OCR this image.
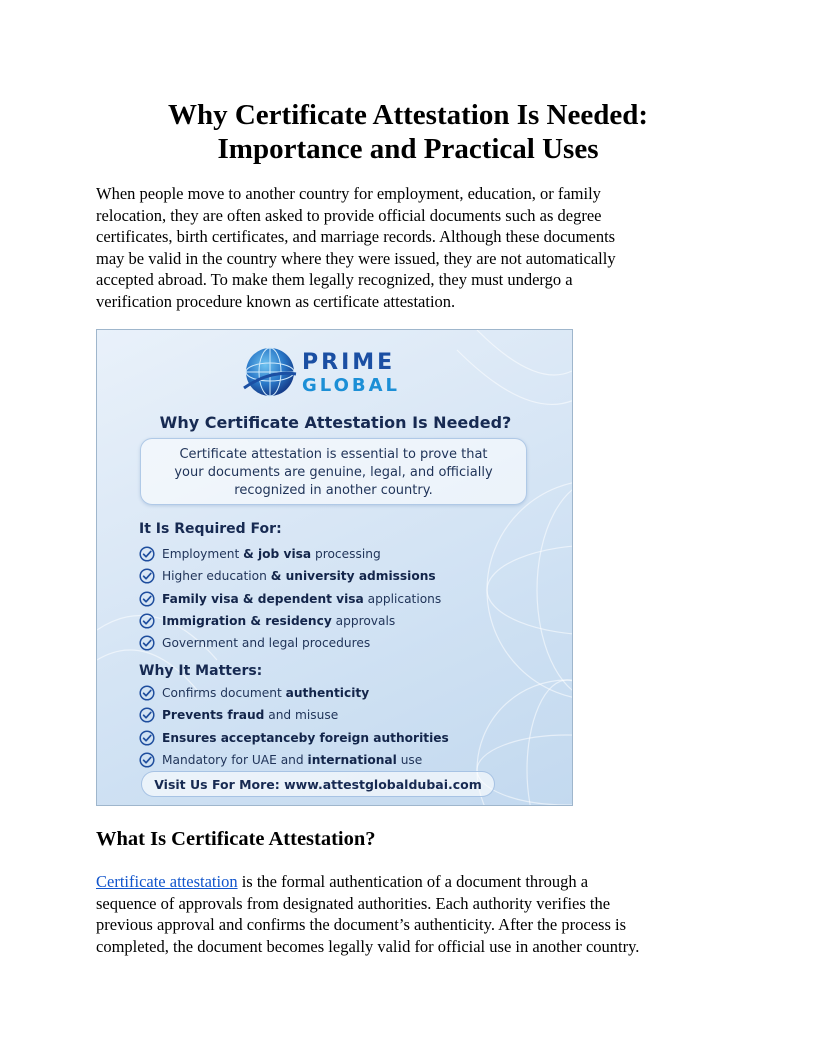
Why Certificate Attestation Is Needed:
Importance and Practical Uses

When people move to another country for employment, education, or family
relocation, they are often asked to provide official documents such as degree
certificates, birth certificates, and marriage records. Although these documents
may be valid in the country where they were issued, they are not automatically
accepted abroad. To make them legally recognized, they must undergo a
verification procedure known as certificate attestation.

PRIME
GLOBAL
Why Certificate Attestation Is Needed?
Certificate attestation is essential to prove that
your documents are genuine, legal, and officially
recognized in another country.
It Is Required For:
Employment & job visa processing
Higher education & university admissions
Family visa & dependent visa applications
Immigration & residency approvals
Government and legal procedures
Why It Matters:
Confirms document authenticity
Prevents fraud and misuse
Ensures acceptance by foreign authorities
Mandatory for UAE and international use
Visit Us For More: www.attestglobaldubai.com
What Is Certificate Attestation?

Certificate attestation is the formal authentication of a document through a
sequence of approvals from designated authorities. Each authority verifies the
previous approval and confirms the document’s authenticity. After the process is
completed, the document becomes legally valid for official use in another country.
